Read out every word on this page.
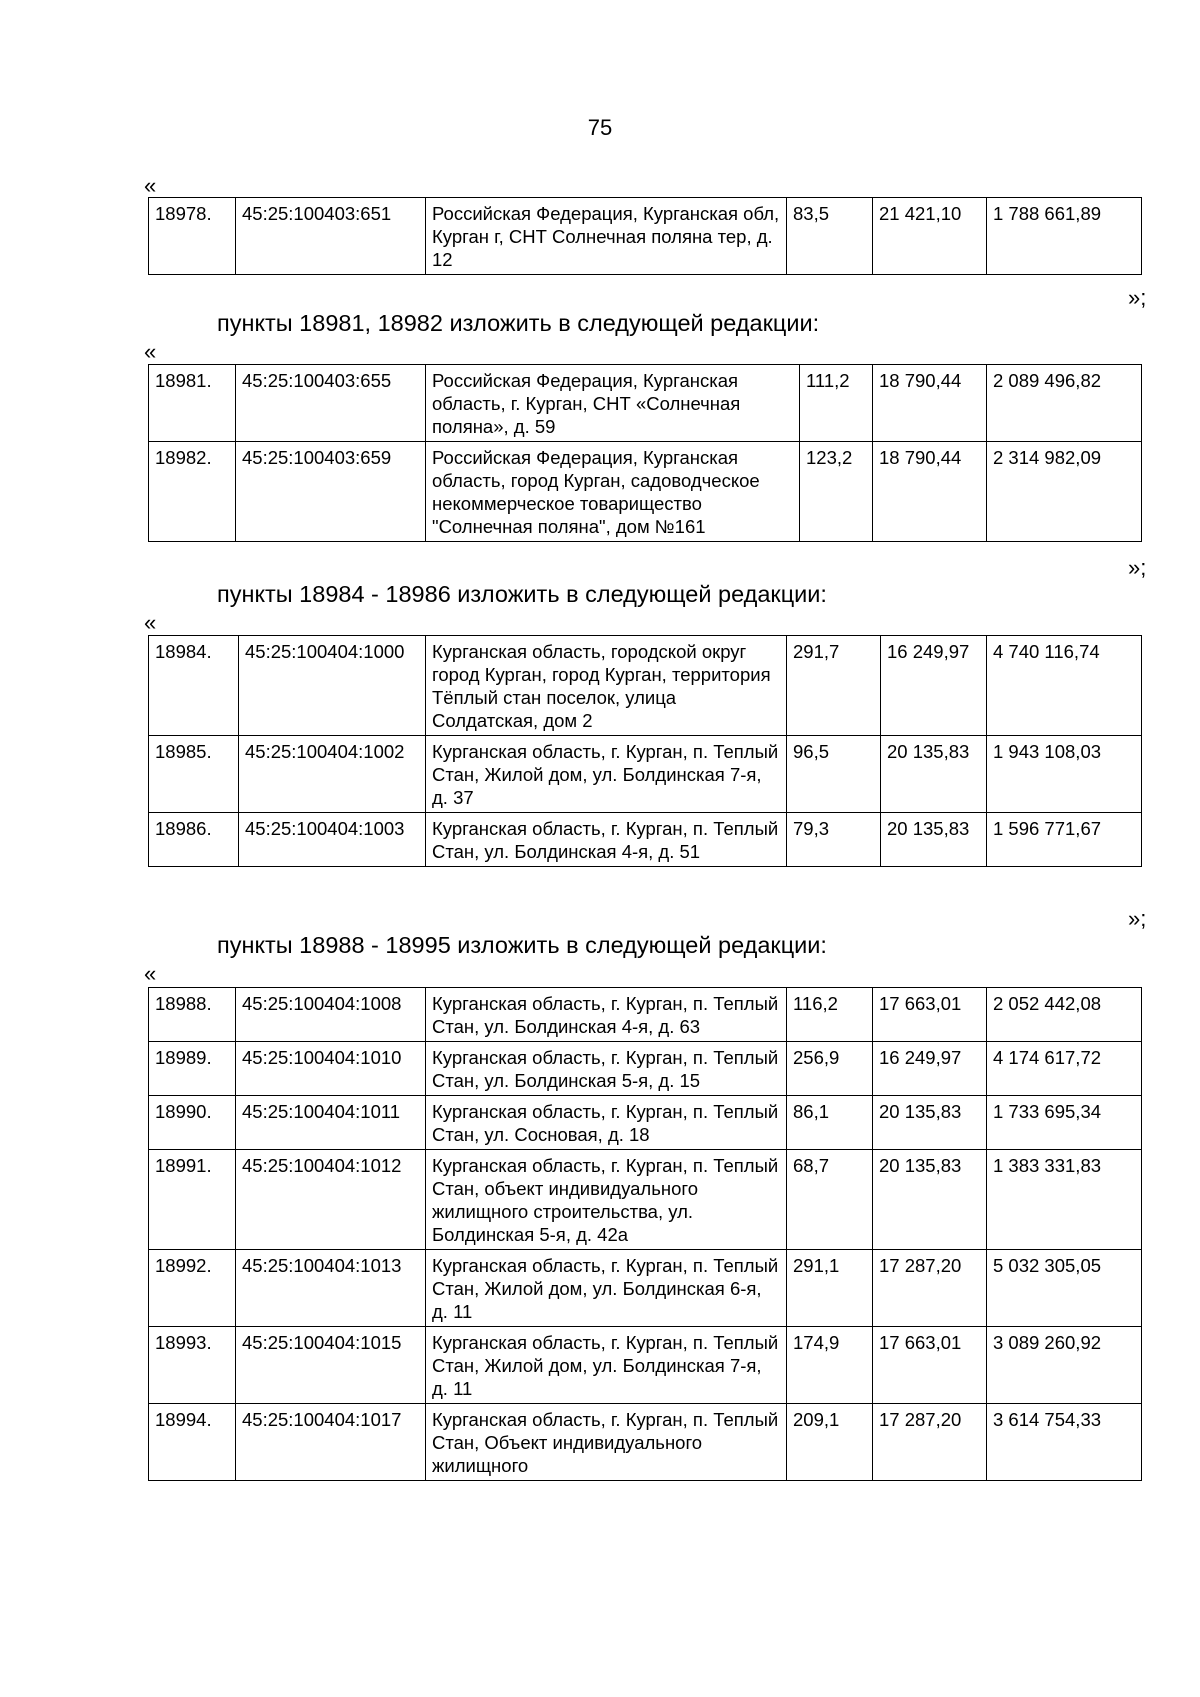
75
«
18978.	45:25:100403:651	Российская Федерация, Курганская обл, Курган г, СНТ Солнечная поляна тер, д. 12	83,5	21 421,10	1 788 661,89
»;
пункты 18981, 18982 изложить в следующей редакции:
«
18981.	45:25:100403:655	Российская Федерация, Курганская область, г. Курган, СНТ «Солнечная поляна», д. 59	111,2	18 790,44	2 089 496,82
18982.	45:25:100403:659	Российская Федерация, Курганская область, город Курган, садоводческое некоммерческое товарищество "Солнечная поляна", дом №161	123,2	18 790,44	2 314 982,09
»;
пункты 18984 - 18986 изложить в следующей редакции:
«
18984.	45:25:100404:1000	Курганская область, городской округ город Курган, город Курган, территория Тёплый стан поселок, улица Солдатская, дом 2	291,7	16 249,97	4 740 116,74
18985.	45:25:100404:1002	Курганская область, г. Курган, п. Теплый Стан, Жилой дом, ул. Болдинская 7-я, д. 37	96,5	20 135,83	1 943 108,03
18986.	45:25:100404:1003	Курганская область, г. Курган, п. Теплый Стан, ул. Болдинская 4-я, д. 51	79,3	20 135,83	1 596 771,67
»;
пункты 18988 - 18995 изложить в следующей редакции:
«
18988.	45:25:100404:1008	Курганская область, г. Курган, п. Теплый Стан, ул. Болдинская 4-я, д. 63	116,2	17 663,01	2 052 442,08
18989.	45:25:100404:1010	Курганская область, г. Курган, п. Теплый Стан, ул. Болдинская 5-я, д. 15	256,9	16 249,97	4 174 617,72
18990.	45:25:100404:1011	Курганская область, г. Курган, п. Теплый Стан, ул. Сосновая, д. 18	86,1	20 135,83	1 733 695,34
18991.	45:25:100404:1012	Курганская область, г. Курган, п. Теплый Стан, объект индивидуального жилищного строительства, ул. Болдинская 5-я, д. 42а	68,7	20 135,83	1 383 331,83
18992.	45:25:100404:1013	Курганская область, г. Курган, п. Теплый Стан, Жилой дом, ул. Болдинская 6-я, д. 11	291,1	17 287,20	5 032 305,05
18993.	45:25:100404:1015	Курганская область, г. Курган, п. Теплый Стан, Жилой дом, ул. Болдинская 7-я, д. 11	174,9	17 663,01	3 089 260,92
18994.	45:25:100404:1017	Курганская область, г. Курган, п. Теплый Стан, Объект индивидуального жилищного	209,1	17 287,20	3 614 754,33
